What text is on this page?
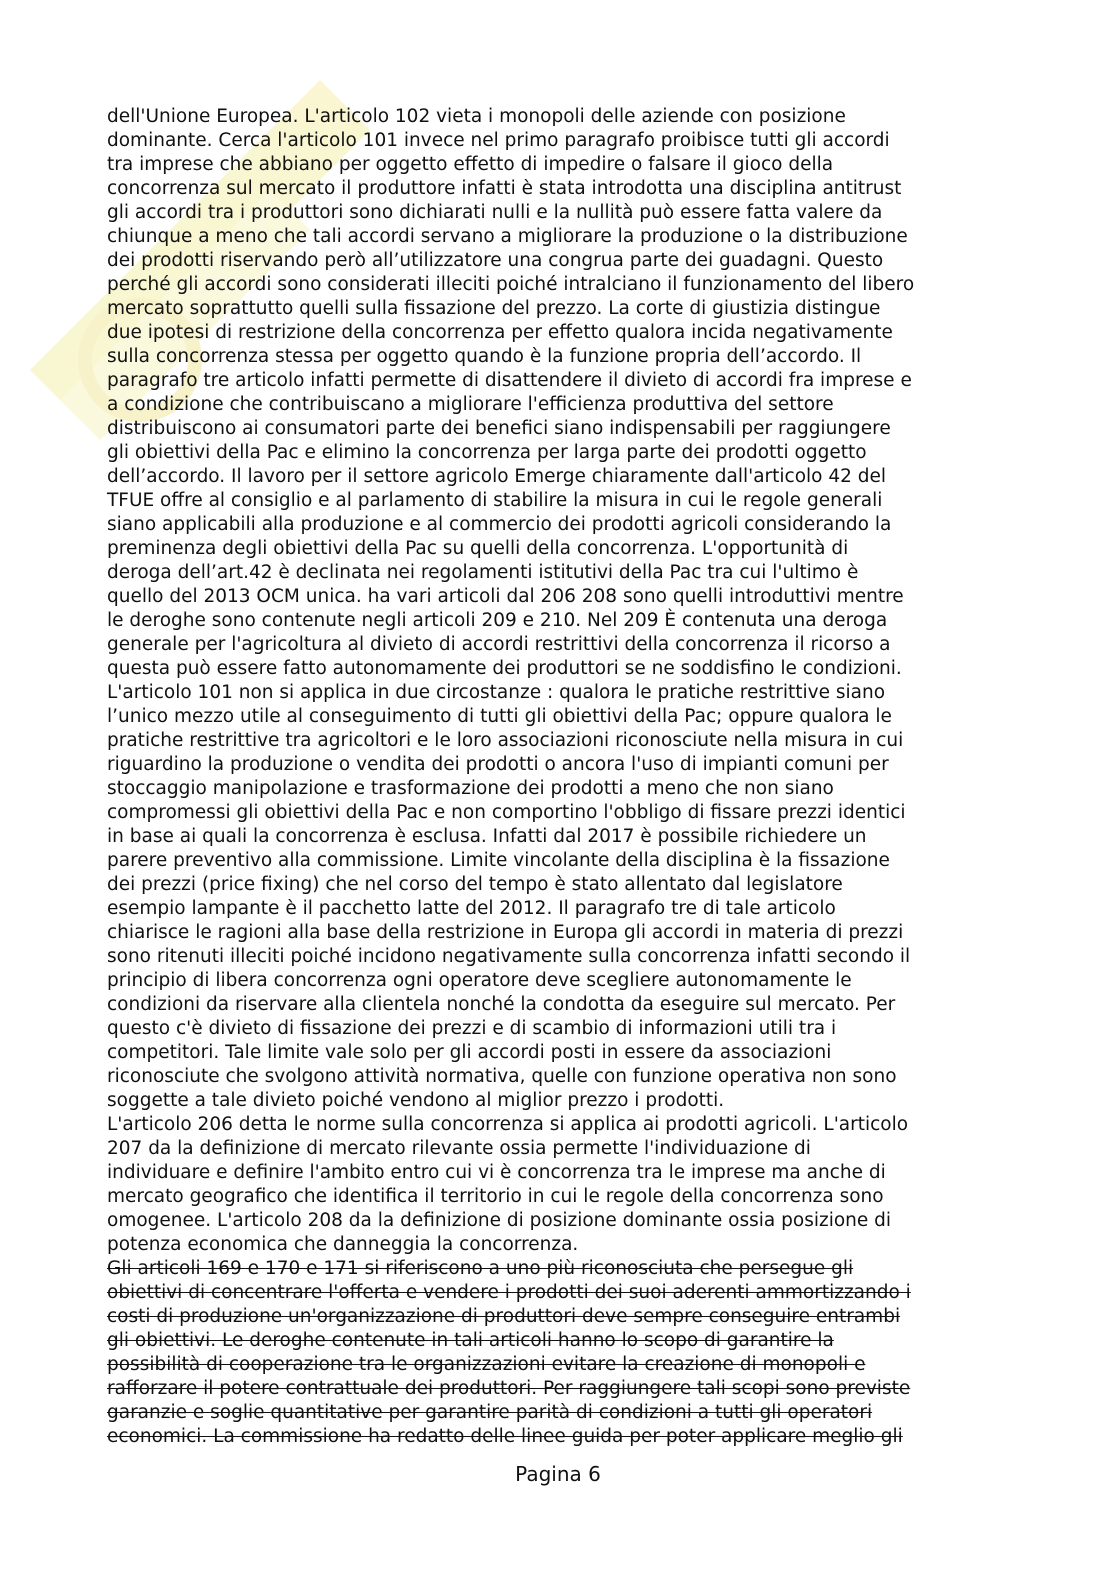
dell'Unione Europea. L'articolo 102 vieta i monopoli delle aziende con posizione
dominante. Cerca l'articolo 101 invece nel primo paragrafo proibisce tutti gli accordi
tra imprese che abbiano per oggetto effetto di impedire o falsare il gioco della
concorrenza sul mercato il produttore infatti è stata introdotta una disciplina antitrust
gli accordi tra i produttori sono dichiarati nulli e la nullità può essere fatta valere da
chiunque a meno che tali accordi servano a migliorare la produzione o la distribuzione
dei prodotti riservando però all’utilizzatore una congrua parte dei guadagni. Questo
perché gli accordi sono considerati illeciti poiché intralciano il funzionamento del libero
mercato soprattutto quelli sulla fissazione del prezzo. La corte di giustizia distingue
due ipotesi di restrizione della concorrenza per effetto qualora incida negativamente
sulla concorrenza stessa per oggetto quando è la funzione propria dell’accordo. Il
paragrafo tre articolo infatti permette di disattendere il divieto di accordi fra imprese e
a condizione che contribuiscano a migliorare l'efficienza produttiva del settore
distribuiscono ai consumatori parte dei benefici siano indispensabili per raggiungere
gli obiettivi della Pac e elimino la concorrenza per larga parte dei prodotti oggetto
dell’accordo. Il lavoro per il settore agricolo Emerge chiaramente dall'articolo 42 del
TFUE offre al consiglio e al parlamento di stabilire la misura in cui le regole generali
siano applicabili alla produzione e al commercio dei prodotti agricoli considerando la
preminenza degli obiettivi della Pac su quelli della concorrenza. L'opportunità di
deroga dell’art.42 è declinata nei regolamenti istitutivi della Pac tra cui l'ultimo è
quello del 2013 OCM unica. ha vari articoli dal 206 208 sono quelli introduttivi mentre
le deroghe sono contenute negli articoli 209 e 210. Nel 209 È contenuta una deroga
generale per l'agricoltura al divieto di accordi restrittivi della concorrenza il ricorso a
questa può essere fatto autonomamente dei produttori se ne soddisfino le condizioni.
L'articolo 101 non si applica in due circostanze : qualora le pratiche restrittive siano
l’unico mezzo utile al conseguimento di tutti gli obiettivi della Pac; oppure qualora le
pratiche restrittive tra agricoltori e le loro associazioni riconosciute nella misura in cui
riguardino la produzione o vendita dei prodotti o ancora l'uso di impianti comuni per
stoccaggio manipolazione e trasformazione dei prodotti a meno che non siano
compromessi gli obiettivi della Pac e non comportino l'obbligo di fissare prezzi identici
in base ai quali la concorrenza è esclusa. Infatti dal 2017 è possibile richiedere un
parere preventivo alla commissione. Limite vincolante della disciplina è la fissazione
dei prezzi (price fixing) che nel corso del tempo è stato allentato dal legislatore
esempio lampante è il pacchetto latte del 2012. Il paragrafo tre di tale articolo
chiarisce le ragioni alla base della restrizione in Europa gli accordi in materia di prezzi
sono ritenuti illeciti poiché incidono negativamente sulla concorrenza infatti secondo il
principio di libera concorrenza ogni operatore deve scegliere autonomamente le
condizioni da riservare alla clientela nonché la condotta da eseguire sul mercato. Per
questo c'è divieto di fissazione dei prezzi e di scambio di informazioni utili tra i
competitori. Tale limite vale solo per gli accordi posti in essere da associazioni
riconosciute che svolgono attività normativa, quelle con funzione operativa non sono
soggette a tale divieto poiché vendono al miglior prezzo i prodotti.
L'articolo 206 detta le norme sulla concorrenza si applica ai prodotti agricoli. L'articolo
207 da la definizione di mercato rilevante ossia permette l'individuazione di
individuare e definire l'ambito entro cui vi è concorrenza tra le imprese ma anche di
mercato geografico che identifica il territorio in cui le regole della concorrenza sono
omogenee. L'articolo 208 da la definizione di posizione dominante ossia posizione di
potenza economica che danneggia la concorrenza.
Gli articoli 169 e 170 e 171 si riferiscono a uno più riconosciuta che persegue gli
obiettivi di concentrare l'offerta e vendere i prodotti dei suoi aderenti ammortizzando i
costi di produzione un'organizzazione di produttori deve sempre conseguire entrambi
gli obiettivi. Le deroghe contenute in tali articoli hanno lo scopo di garantire la
possibilità di cooperazione tra le organizzazioni evitare la creazione di monopoli e
rafforzare il potere contrattuale dei produttori. Per raggiungere tali scopi sono previste
garanzie e soglie quantitative per garantire parità di condizioni a tutti gli operatori
economici. La commissione ha redatto delle linee guida per poter applicare meglio gli
Pagina 6
